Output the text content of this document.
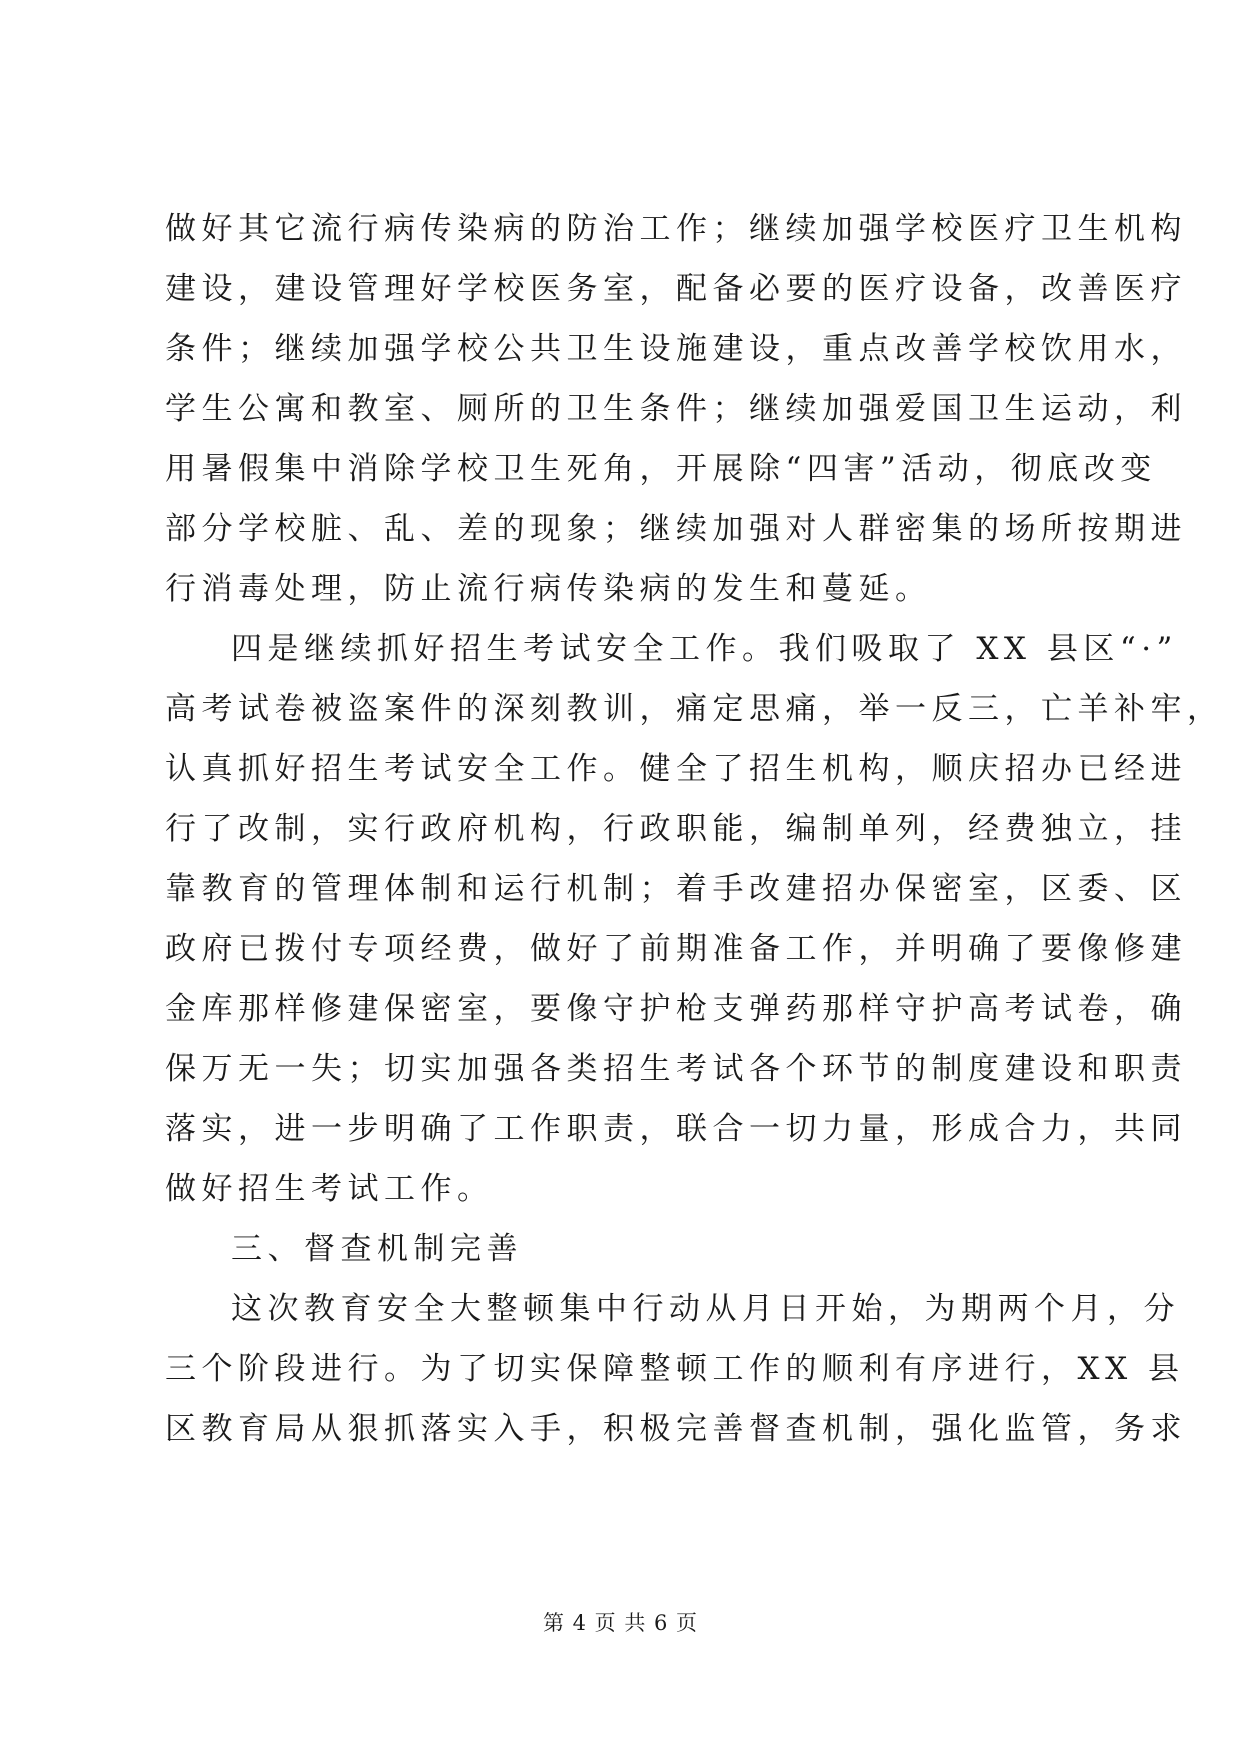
做好其它流行病传染病的防治工作；继续加强学校医疗卫生机构
建设，建设管理好学校医务室，配备必要的医疗设备，改善医疗
条件；继续加强学校公共卫生设施建设，重点改善学校饮用水，
学生公寓和教室、厕所的卫生条件；继续加强爱国卫生运动，利
用暑假集中消除学校卫生死角，开展除“四害”活动，彻底改变
部分学校脏、乱、差的现象；继续加强对人群密集的场所按期进
行消毒处理，防止流行病传染病的发生和蔓延。
四是继续抓好招生考试安全工作。我们吸取了 XX 县区“·”
高考试卷被盗案件的深刻教训，痛定思痛，举一反三，亡羊补牢，
认真抓好招生考试安全工作。健全了招生机构，顺庆招办已经进
行了改制，实行政府机构，行政职能，编制单列，经费独立，挂
靠教育的管理体制和运行机制；着手改建招办保密室，区委、区
政府已拨付专项经费，做好了前期准备工作，并明确了要像修建
金库那样修建保密室，要像守护枪支弹药那样守护高考试卷，确
保万无一失；切实加强各类招生考试各个环节的制度建设和职责
落实，进一步明确了工作职责，联合一切力量，形成合力，共同
做好招生考试工作。
三、督查机制完善
这次教育安全大整顿集中行动从月日开始，为期两个月，分
三个阶段进行。为了切实保障整顿工作的顺利有序进行，XX 县
区教育局从狠抓落实入手，积极完善督查机制，强化监管，务求
第 4 页 共 6 页
